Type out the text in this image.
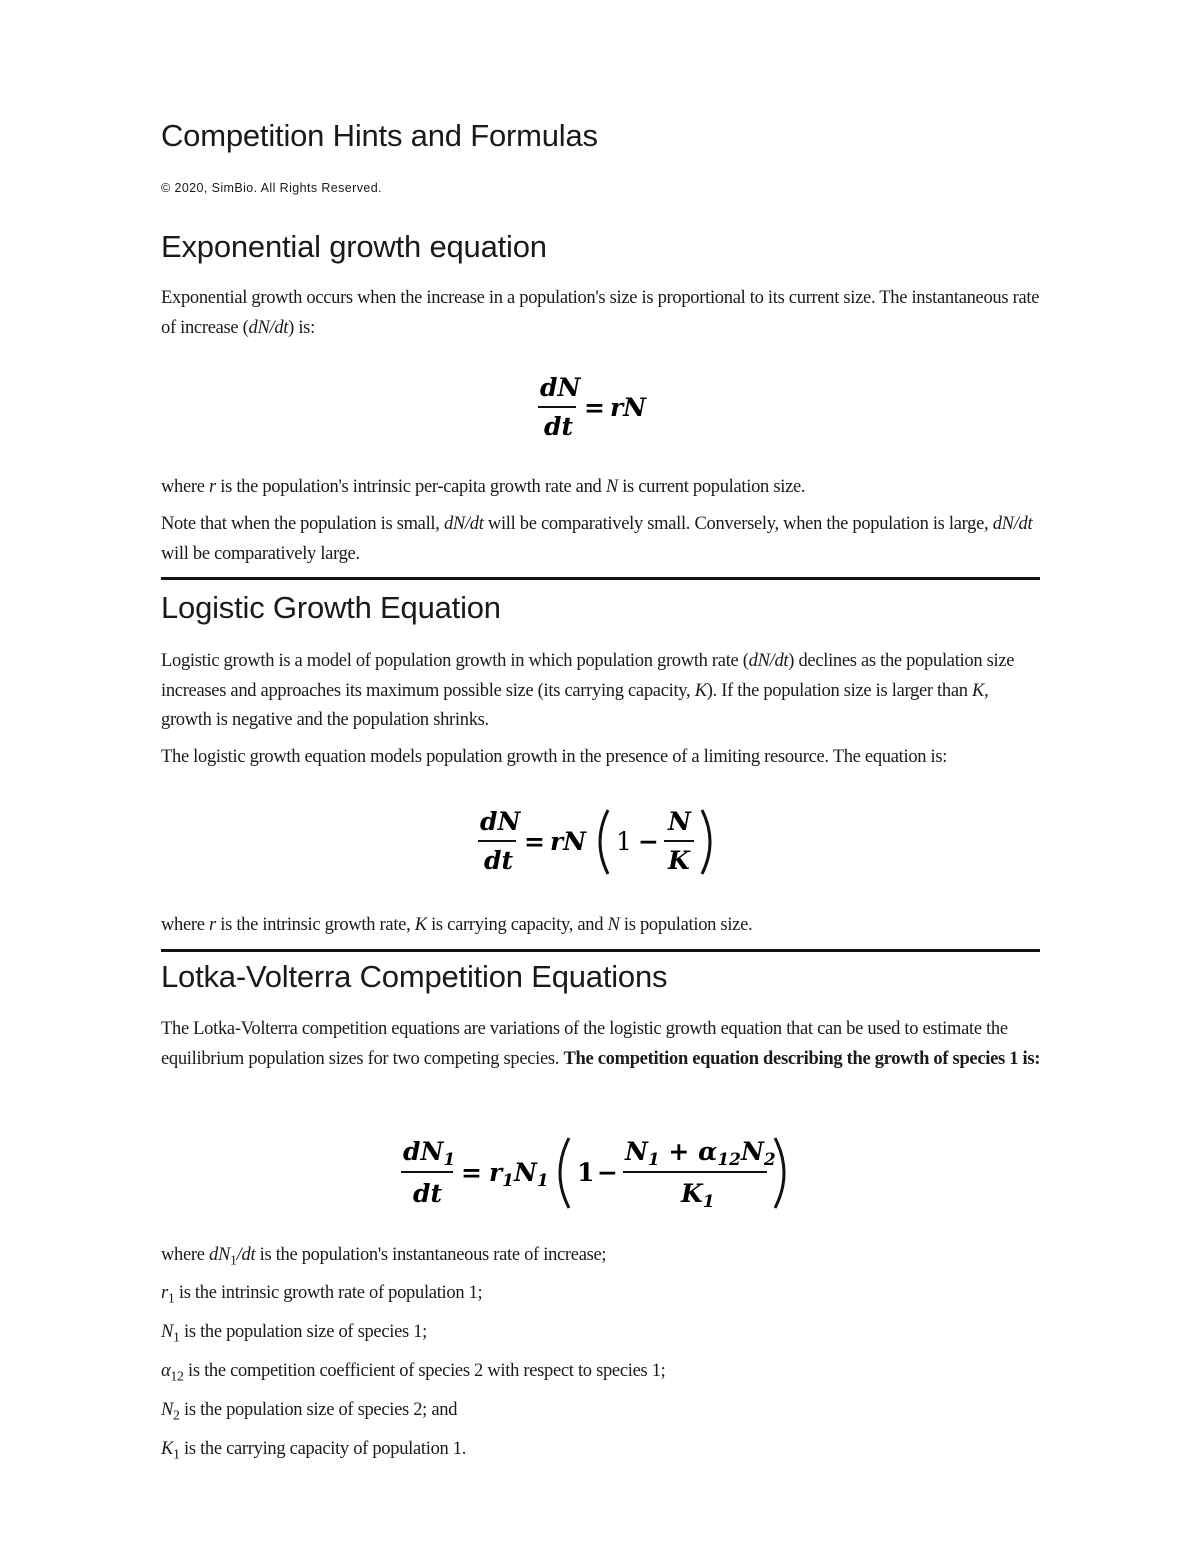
Competition Hints and Formulas
© 2020, SimBio. All Rights Reserved.
Exponential growth equation

Exponential growth occurs when the increase in a population's size is proportional to its current size. The instantaneous rate of increase (dN/dt) is:

dN
dt
= rN

where r is the population's intrinsic per-capita growth rate and N is current population size.

Note that when the population is small, dN/dt will be comparatively small. Conversely, when the population is large, dN/dt will be comparatively large.

Logistic Growth Equation

Logistic growth is a model of population growth in which population growth rate (dN/dt) declines as the population size increases and approaches its maximum possible size (its carrying capacity, K). If the population size is larger than K, growth is negative and the population shrinks.

The logistic growth equation models population growth in the presence of a limiting resource. The equation is:

dN
dt
= rN 1 −
N
K

where r is the intrinsic growth rate, K is carrying capacity, and N is population size.

Lotka-Volterra Competition Equations

The Lotka-Volterra competition equations are variations of the logistic growth equation that can be used to estimate the equilibrium population sizes for two competing species. The competition equation describing the growth of species 1 is:

$dN_1$
dt
= $r_1N_1$ 1 −
$N_1 + \alpha_{12}N_2$
$K_1$

where $dN_1/dt$ is the population's instantaneous rate of increase;

$r_1$ is the intrinsic growth rate of population 1;

$N_1$ is the population size of species 1;

$\alpha_{12}$ is the competition coefficient of species 2 with respect to species 1;

$N_2$ is the population size of species 2; and

$K_1$ is the carrying capacity of population 1.
